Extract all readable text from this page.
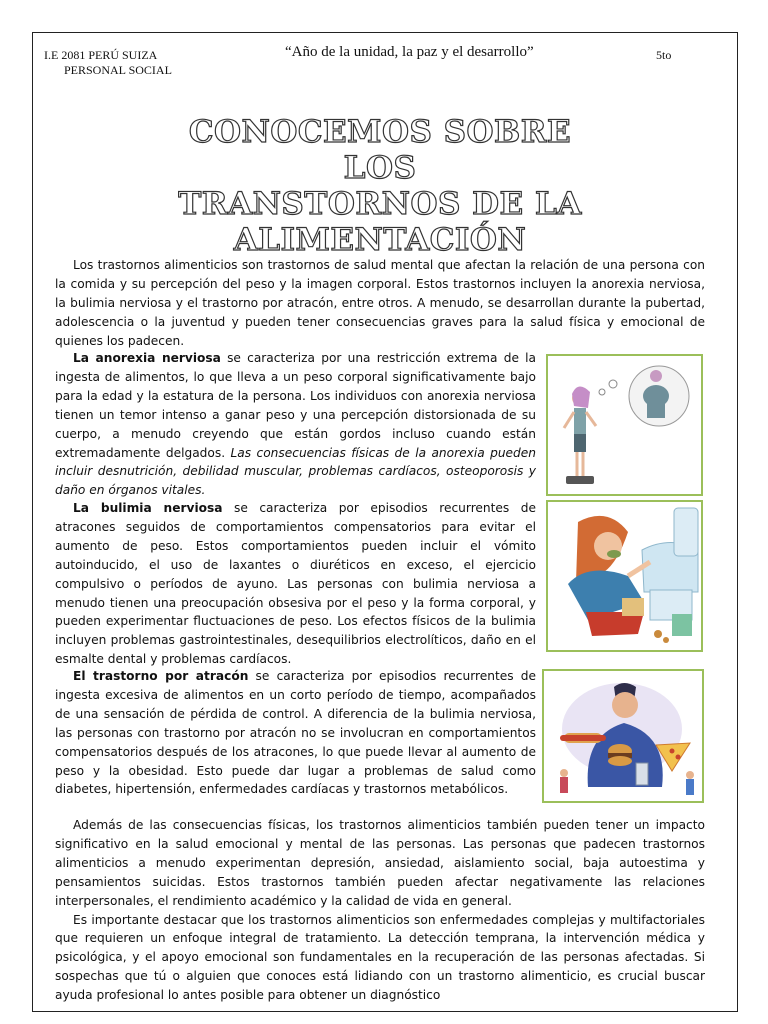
I.E 2081 PERÚ SUIZA
PERSONAL SOCIAL
“Año de la unidad, la paz y el desarrollo”	5to
CONOCEMOS SOBRE LOS
TRANSTORNOS DE LA
ALIMENTACIÓN

Los trastornos alimenticios son trastornos de salud mental que afectan la relación de una persona con la comida y su percepción del peso y la imagen corporal. Estos trastornos incluyen la anorexia nerviosa, la bulimia nerviosa y el trastorno por atracón, entre otros. A menudo, se desarrollan durante la pubertad, adolescencia o la juventud y pueden tener consecuencias graves para la salud física y emocional de quienes los padecen.

La anorexia nerviosa se caracteriza por una restricción extrema de la ingesta de alimentos, lo que lleva a un peso corporal significativamente bajo para la edad y la estatura de la persona. Los individuos con anorexia nerviosa tienen un temor intenso a ganar peso y una percepción distorsionada de su cuerpo, a menudo creyendo que están gordos incluso cuando están extremadamente delgados. Las consecuencias físicas de la anorexia pueden incluir desnutrición, debilidad muscular, problemas cardíacos, osteoporosis y daño en órganos vitales.

La bulimia nerviosa se caracteriza por episodios recurrentes de atracones seguidos de comportamientos compensatorios para evitar el aumento de peso. Estos comportamientos pueden incluir el vómito autoinducido, el uso de laxantes o diuréticos en exceso, el ejercicio compulsivo o períodos de ayuno. Las personas con bulimia nerviosa a menudo tienen una preocupación obsesiva por el peso y la forma corporal, y pueden experimentar fluctuaciones de peso. Los efectos físicos de la bulimia incluyen problemas gastrointestinales, desequilibrios electrolíticos, daño en el esmalte dental y problemas cardíacos.

El trastorno por atracón se caracteriza por episodios recurrentes de ingesta excesiva de alimentos en un corto período de tiempo, acompañados de una sensación de pérdida de control. A diferencia de la bulimia nerviosa, las personas con trastorno por atracón no se involucran en comportamientos compensatorios después de los atracones, lo que puede llevar al aumento de peso y la obesidad. Esto puede dar lugar a problemas de salud como diabetes, hipertensión, enfermedades cardíacas y trastornos metabólicos.

Además de las consecuencias físicas, los trastornos alimenticios también pueden tener un impacto significativo en la salud emocional y mental de las personas. Las personas que padecen trastornos alimenticios a menudo experimentan depresión, ansiedad, aislamiento social, baja autoestima y pensamientos suicidas. Estos trastornos también pueden afectar negativamente las relaciones interpersonales, el rendimiento académico y la calidad de vida en general.

Es importante destacar que los trastornos alimenticios son enfermedades complejas y multifactoriales que requieren un enfoque integral de tratamiento. La detección temprana, la intervención médica y psicológica, y el apoyo emocional son fundamentales en la recuperación de las personas afectadas. Si sospechas que tú o alguien que conoces está lidiando con un trastorno alimenticio, es crucial buscar ayuda profesional lo antes posible para obtener un diagnóstico
